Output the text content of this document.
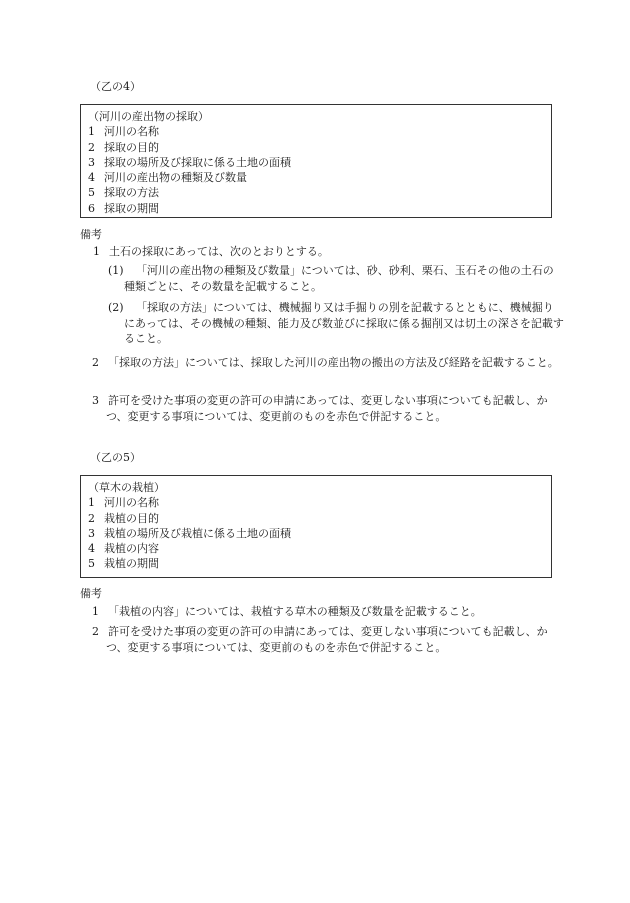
（乙の4）
（河川の産出物の採取）
1 河川の名称
2 採取の目的
3 採取の場所及び採取に係る土地の面積
4 河川の産出物の種類及び数量
5 採取の方法
6 採取の期間
備考
1 土石の採取にあっては、次のとおりとする。
(1) 「河川の産出物の種類及び数量」については、砂、砂利、栗石、玉石その他の土石の種類ごとに、その数量を記載すること。
(2) 「採取の方法」については、機械掘り又は手掘りの別を記載するとともに、機械掘りにあっては、その機械の種類、能力及び数並びに採取に係る掘削又は切土の深さを記載すること。
2 「採取の方法」については、採取した河川の産出物の搬出の方法及び経路を記載すること。
3 許可を受けた事項の変更の許可の申請にあっては、変更しない事項についても記載し、かつ、変更する事項については、変更前のものを赤色で併記すること。
（乙の5）
（草木の栽植）
1 河川の名称
2 栽植の目的
3 栽植の場所及び栽植に係る土地の面積
4 栽植の内容
5 栽植の期間
備考
1 「栽植の内容」については、栽植する草木の種類及び数量を記載すること。
2 許可を受けた事項の変更の許可の申請にあっては、変更しない事項についても記載し、かつ、変更する事項については、変更前のものを赤色で併記すること。
